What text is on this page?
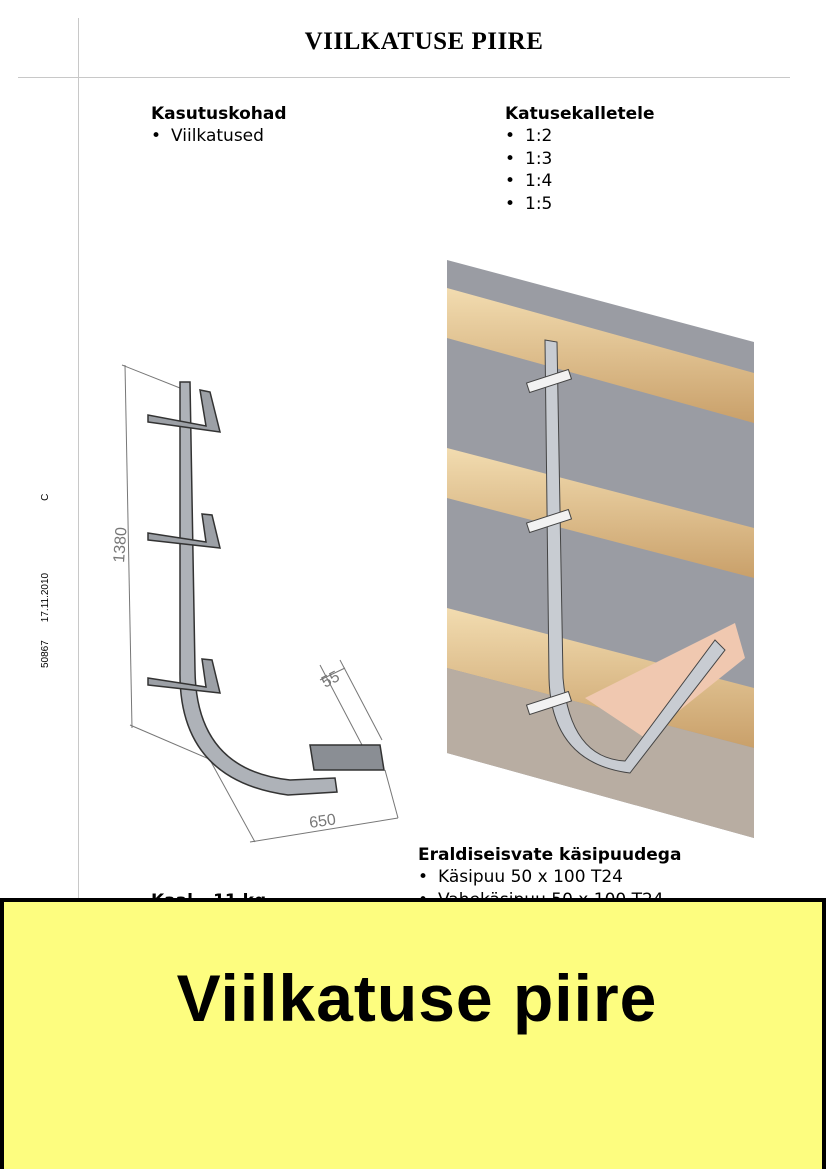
VIILKATUSE PIIRE
5086717.11.2010C
Kasutuskohad
• Viilkatused
Katusekalletele
• 1:2
• 1:3
• 1:4
• 1:5
1380
650
55
Eraldiseisvate käsipuudega
• Käsipuu 50 x 100 T24
•
Viilkatuse piire
